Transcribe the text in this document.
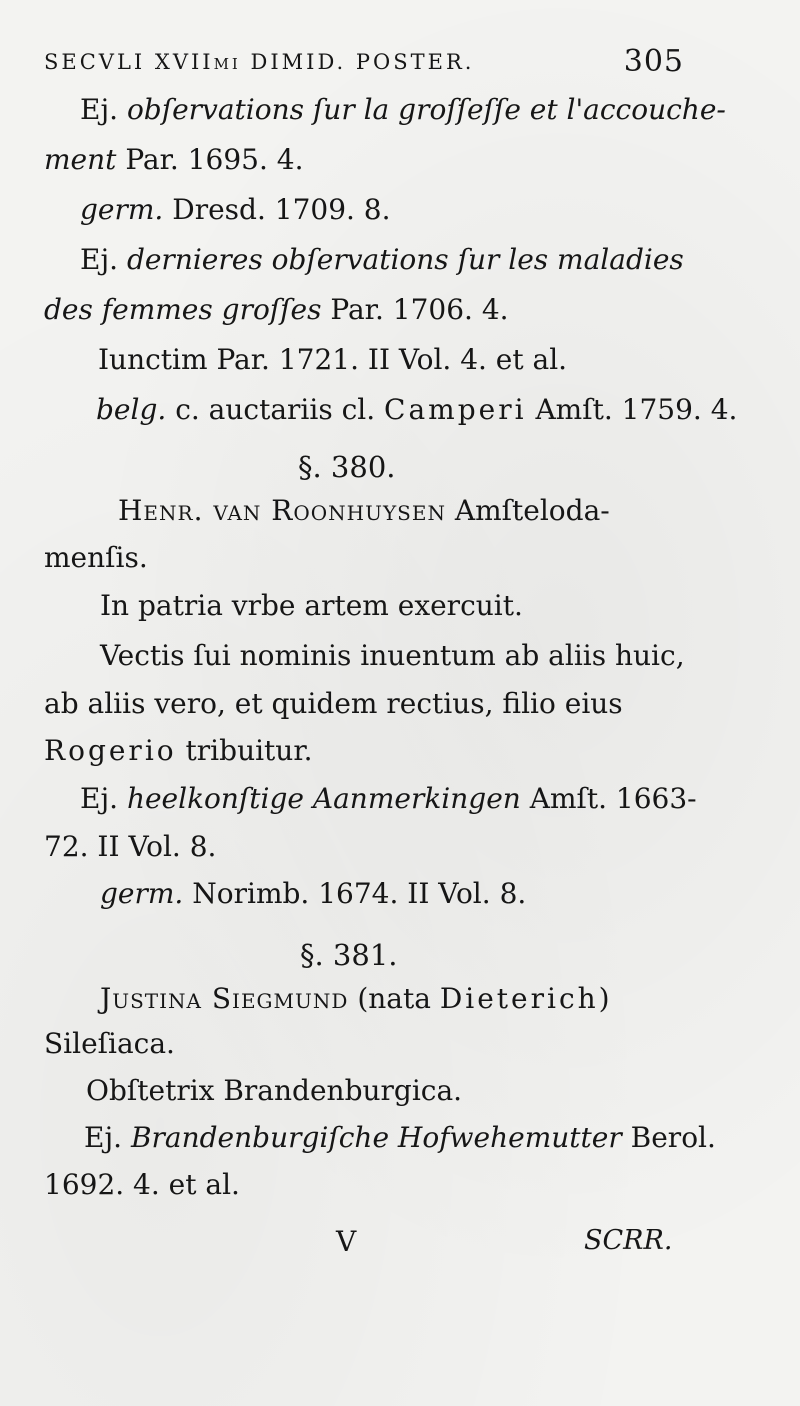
SECVLI XVIImi DIMID. POSTER.	305
Ej. obſervations ſur la groſſeſſe et l'accouche-
ment Par. 1695. 4.
germ. Dresd. 1709. 8.
Ej. dernieres obſervations ſur les maladies
des femmes groſſes Par. 1706. 4.
Iunctim Par. 1721. II Vol. 4. et al.
belg. c. auctariis cl. Camperi Amſt. 1759. 4.
§. 380.
Henr. van Roonhuysen Amſteloda-
menſis.
In patria vrbe artem exercuit.
Vectis ſui nominis inuentum ab aliis huic,
ab aliis vero, et quidem rectius, filio eius
Rogerio tribuitur.
Ej. heelkonſtige Aanmerkingen Amſt. 1663-
72. II Vol. 8.
germ. Norimb. 1674. II Vol. 8.
§. 381.
Justina Siegmund (nata Dieterich)
Sileſiaca.
Obſtetrix Brandenburgica.
Ej. Brandenburgiſche Hofwehemutter Berol.
1692. 4. et al.
V	SCRR.
